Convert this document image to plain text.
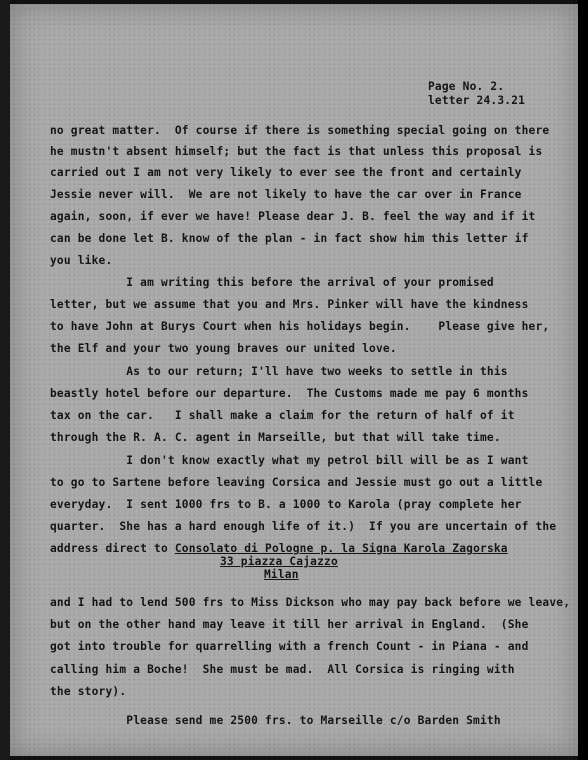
Page No. 2.
letter 24.3.21

no great matter.  Of course if there is something special going on there

he mustn't absent himself; but the fact is that unless this proposal is

carried out I am not very likely to ever see the front and certainly

Jessie never will.  We are not likely to have the car over in France

again, soon, if ever we have! Please dear J. B. feel the way and if it

can be done let B. know of the plan - in fact show him this letter if

you like.

I am writing this before the arrival of your promised

letter, but we assume that you and Mrs. Pinker will have the kindness

to have John at Burys Court when his holidays begin.    Please give her,

the Elf and your two young braves our united love.

As to our return; I'll have two weeks to settle in this

beastly hotel before our departure.  The Customs made me pay 6 months

tax on the car.   I shall make a claim for the return of half of it

through the R. A. C. agent in Marseille, but that will take time.

I don't know exactly what my petrol bill will be as I want

to go to Sartene before leaving Corsica and Jessie must go out a little

everyday.  I sent 1000 frs to B. a 1000 to Karola (pray complete her

quarter.  She has a hard enough life of it.)  If you are uncertain of the

address direct to Consolato di Pologne p. la Signa Karola Zagorska

33 piazza Cajazzo

Milan

and I had to lend 500 frs to Miss Dickson who may pay back before we leave,

but on the other hand may leave it till her arrival in England.  (She

got into trouble for quarrelling with a french Count - in Piana - and

calling him a Boche!  She must be mad.  All Corsica is ringing with

the story).

Please send me 2500 frs. to Marseille c/o Barden Smith
